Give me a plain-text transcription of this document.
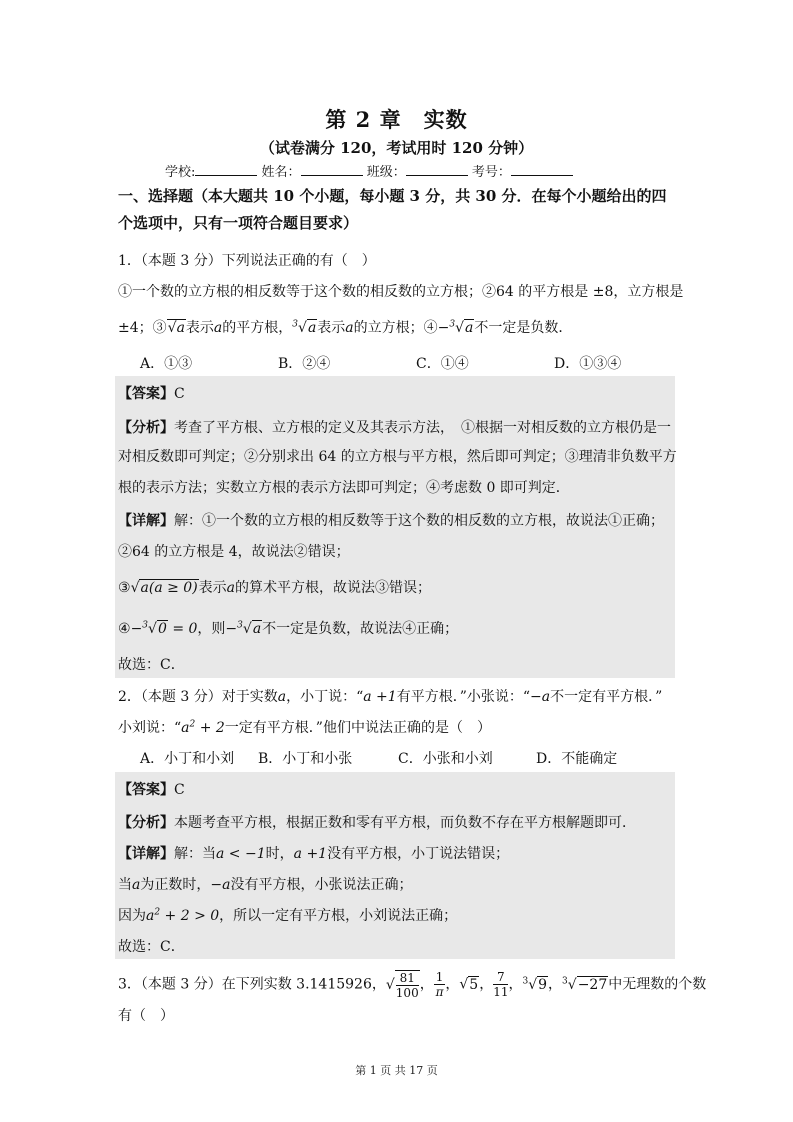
第 2 章　实数
（试卷满分 120，考试用时 120 分钟）
学校:	姓名：	班级：	考号：
一、选择题（本大题共 10 个小题，每小题 3 分，共 30 分．在每个小题给出的四个选项中，只有一项符合题目要求）
1．（本题 3 分）下列说法正确的有（　）
①一个数的立方根的相反数等于这个数的相反数的立方根；②64 的平方根是 ±8，立方根是
±4；③√a表示a的平方根，$^3$√a表示a的立方根；④−$^3$√a不一定是负数．
A．①③	B．②④	C．①④	D．①③④
【答案】C
【分析】考查了平方根、立方根的定义及其表示方法，　①根据一对相反数的立方根仍是一
对相反数即可判定；②分别求出 64 的立方根与平方根，然后即可判定；③理清非负数平方
根的表示方法；实数立方根的表示方法即可判定；④考虑数 0 即可判定．
【详解】解：①一个数的立方根的相反数等于这个数的相反数的立方根，故说法①正确；
②64 的立方根是 4，故说法②错误；
③√a(a ≥ 0)表示a的算术平方根，故说法③错误；
④−$^3$√0 = 0，则−$^3$√a不一定是负数，故说法④正确；
故选：C．
2．（本题 3 分）对于实数a，小丁说：“a +1有平方根．”小张说：“−a不一定有平方根．”
小刘说：“$a^2 + 2$一定有平方根．”他们中说法正确的是（　）
A．小丁和小刘 B．小丁和小张	C．小张和小刘	D．不能确定
【答案】C
【分析】本题考查平方根，根据正数和零有平方根，而负数不存在平方根解题即可．
【详解】解：当a < −1时，a +1没有平方根，小丁说法错误；
当a为正数时，−a没有平方根，小张说法正确；
因为$a^2 + 2 > 0$，所以一定有平方根，小刘说法正确；
故选：C．
3．（本题 3 分）在下列实数 3.1415926，√ $\frac{81}{100}$ ， $\frac{1}{\pi}$ ，√5， $\frac{7}{11}$ ，$^3$√9，$^3$√−27中无理数的个数
有（　）
第 1 页 共 17 页
